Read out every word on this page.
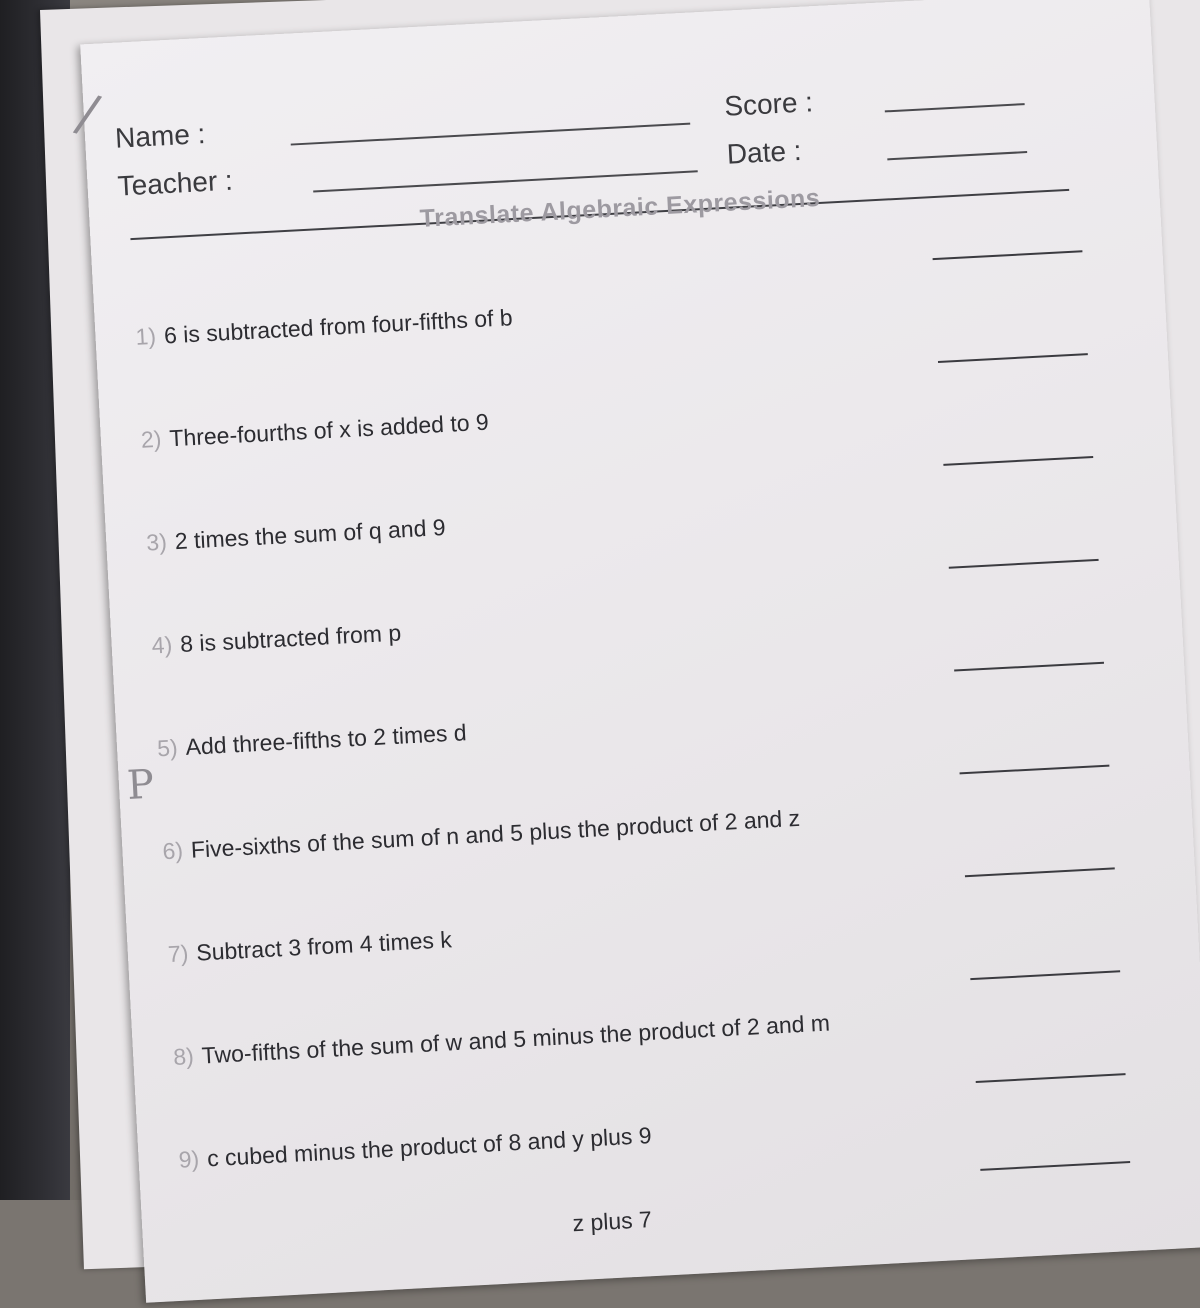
Name :
Teacher :
Score :
Date :
/
Translate Algebraic Expressions
1) 6 is subtracted from four-fifths of b
2) Three-fourths of x is added to 9
3) 2 times the sum of q and 9
4) 8 is subtracted from p
5) Add three-fifths to 2 times d
P
6) Five-sixths of the sum of n and 5 plus the product of 2 and z
7) Subtract 3 from 4 times k
8) Two-fifths of the sum of w and 5 minus the product of 2 and m
9) c cubed minus the product of 8 and y plus 9
z plus 7
